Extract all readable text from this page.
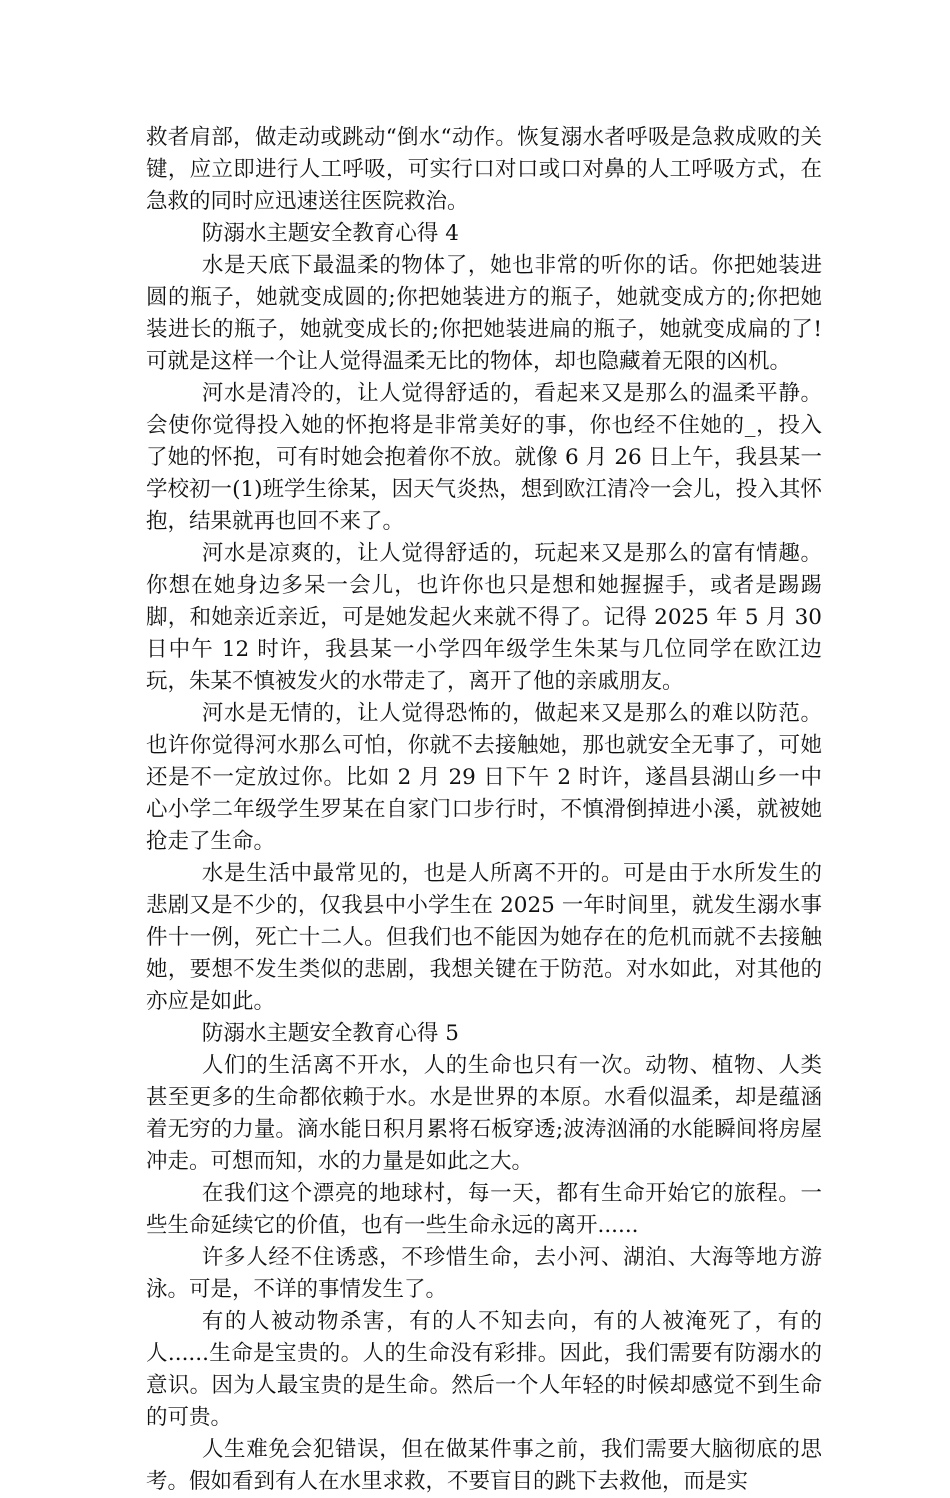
救者肩部，做走动或跳动“倒水“动作。恢复溺水者呼吸是急救成败的关键，应立即进行人工呼吸，可实行口对口或口对鼻的人工呼吸方式，在急救的同时应迅速送往医院救治。

防溺水主题安全教育心得 4

水是天底下最温柔的物体了，她也非常的听你的话。你把她装进圆的瓶子，她就变成圆的;你把她装进方的瓶子，她就变成方的;你把她装进长的瓶子，她就变成长的;你把她装进扁的瓶子，她就变成扁的了!可就是这样一个让人觉得温柔无比的物体，却也隐藏着无限的凶机。

河水是清冷的，让人觉得舒适的，看起来又是那么的温柔平静。会使你觉得投入她的怀抱将是非常美好的事，你也经不住她的_，投入了她的怀抱，可有时她会抱着你不放。就像 6 月 26 日上午，我县某一学校初一(1)班学生徐某，因天气炎热，想到欧江清冷一会儿，投入其怀抱，结果就再也回不来了。

河水是凉爽的，让人觉得舒适的，玩起来又是那么的富有情趣。你想在她身边多呆一会儿，也许你也只是想和她握握手，或者是踢踢脚，和她亲近亲近，可是她发起火来就不得了。记得 2025 年 5 月 30 日中午 12 时许，我县某一小学四年级学生朱某与几位同学在欧江边玩，朱某不慎被发火的水带走了，离开了他的亲戚朋友。

河水是无情的，让人觉得恐怖的，做起来又是那么的难以防范。也许你觉得河水那么可怕，你就不去接触她，那也就安全无事了，可她还是不一定放过你。比如 2 月 29 日下午 2 时许，遂昌县湖山乡一中心小学二年级学生罗某在自家门口步行时，不慎滑倒掉进小溪，就被她抢走了生命。

水是生活中最常见的，也是人所离不开的。可是由于水所发生的悲剧又是不少的，仅我县中小学生在 2025 一年时间里，就发生溺水事件十一例，死亡十二人。但我们也不能因为她存在的危机而就不去接触她，要想不发生类似的悲剧，我想关键在于防范。对水如此，对其他的亦应是如此。

防溺水主题安全教育心得 5

人们的生活离不开水，人的生命也只有一次。动物、植物、人类甚至更多的生命都依赖于水。水是世界的本原。水看似温柔，却是蕴涵着无穷的力量。滴水能日积月累将石板穿透;波涛汹涌的水能瞬间将房屋冲走。可想而知，水的力量是如此之大。

在我们这个漂亮的地球村，每一天，都有生命开始它的旅程。一些生命延续它的价值，也有一些生命永远的离开......

许多人经不住诱惑，不珍惜生命，去小河、湖泊、大海等地方游泳。可是，不详的事情发生了。

有的人被动物杀害，有的人不知去向，有的人被淹死了，有的人......生命是宝贵的。人的生命没有彩排。因此，我们需要有防溺水的意识。因为人最宝贵的是生命。然后一个人年轻的时候却感觉不到生命的可贵。

人生难免会犯错误，但在做某件事之前，我们需要大脑彻底的思考。假如看到有人在水里求救，不要盲目的跳下去救他，而是实
